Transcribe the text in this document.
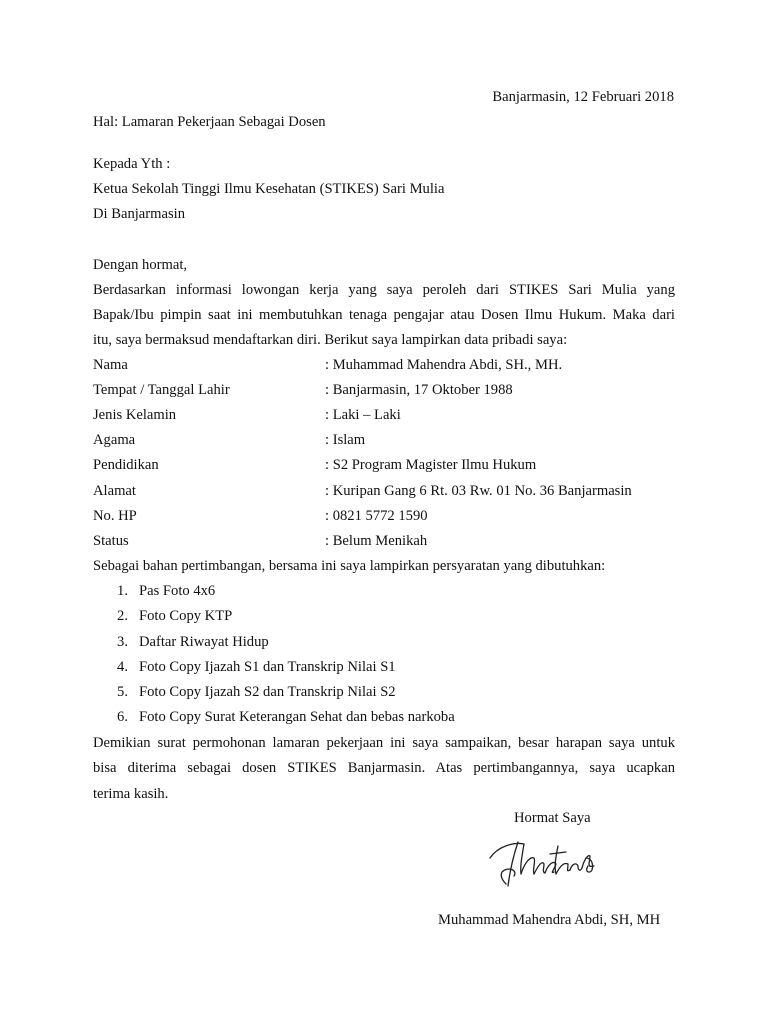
Banjarmasin, 12 Februari 2018
Hal: Lamaran Pekerjaan Sebagai Dosen
Kepada Yth :
Ketua Sekolah Tinggi Ilmu Kesehatan (STIKES) Sari Mulia
Di Banjarmasin
Dengan hormat,
Berdasarkan informasi lowongan kerja yang saya peroleh dari STIKES Sari Mulia yang
Bapak/Ibu pimpin saat ini membutuhkan tenaga pengajar atau Dosen Ilmu Hukum. Maka dari
itu, saya bermaksud mendaftarkan diri. Berikut saya lampirkan data pribadi saya:
Nama	: Muhammad Mahendra Abdi, SH., MH.
Tempat / Tanggal Lahir	: Banjarmasin, 17 Oktober 1988
Jenis Kelamin	: Laki – Laki
Agama	: Islam
Pendidikan	: S2 Program Magister Ilmu Hukum
Alamat	: Kuripan Gang 6 Rt. 03 Rw. 01 No. 36 Banjarmasin
No. HP	: 0821 5772 1590
Status	: Belum Menikah
Sebagai bahan pertimbangan, bersama ini saya lampirkan persyaratan yang dibutuhkan:
1. Pas Foto 4x6
2. Foto Copy KTP
3. Daftar Riwayat Hidup
4. Foto Copy Ijazah S1 dan Transkrip Nilai S1
5. Foto Copy Ijazah S2 dan Transkrip Nilai S2
6. Foto Copy Surat Keterangan Sehat dan bebas narkoba
Demikian surat permohonan lamaran pekerjaan ini saya sampaikan, besar harapan saya untuk
bisa diterima sebagai dosen STIKES Banjarmasin. Atas pertimbangannya, saya ucapkan
terima kasih.
Hormat Saya
Muhammad Mahendra Abdi, SH, MH
